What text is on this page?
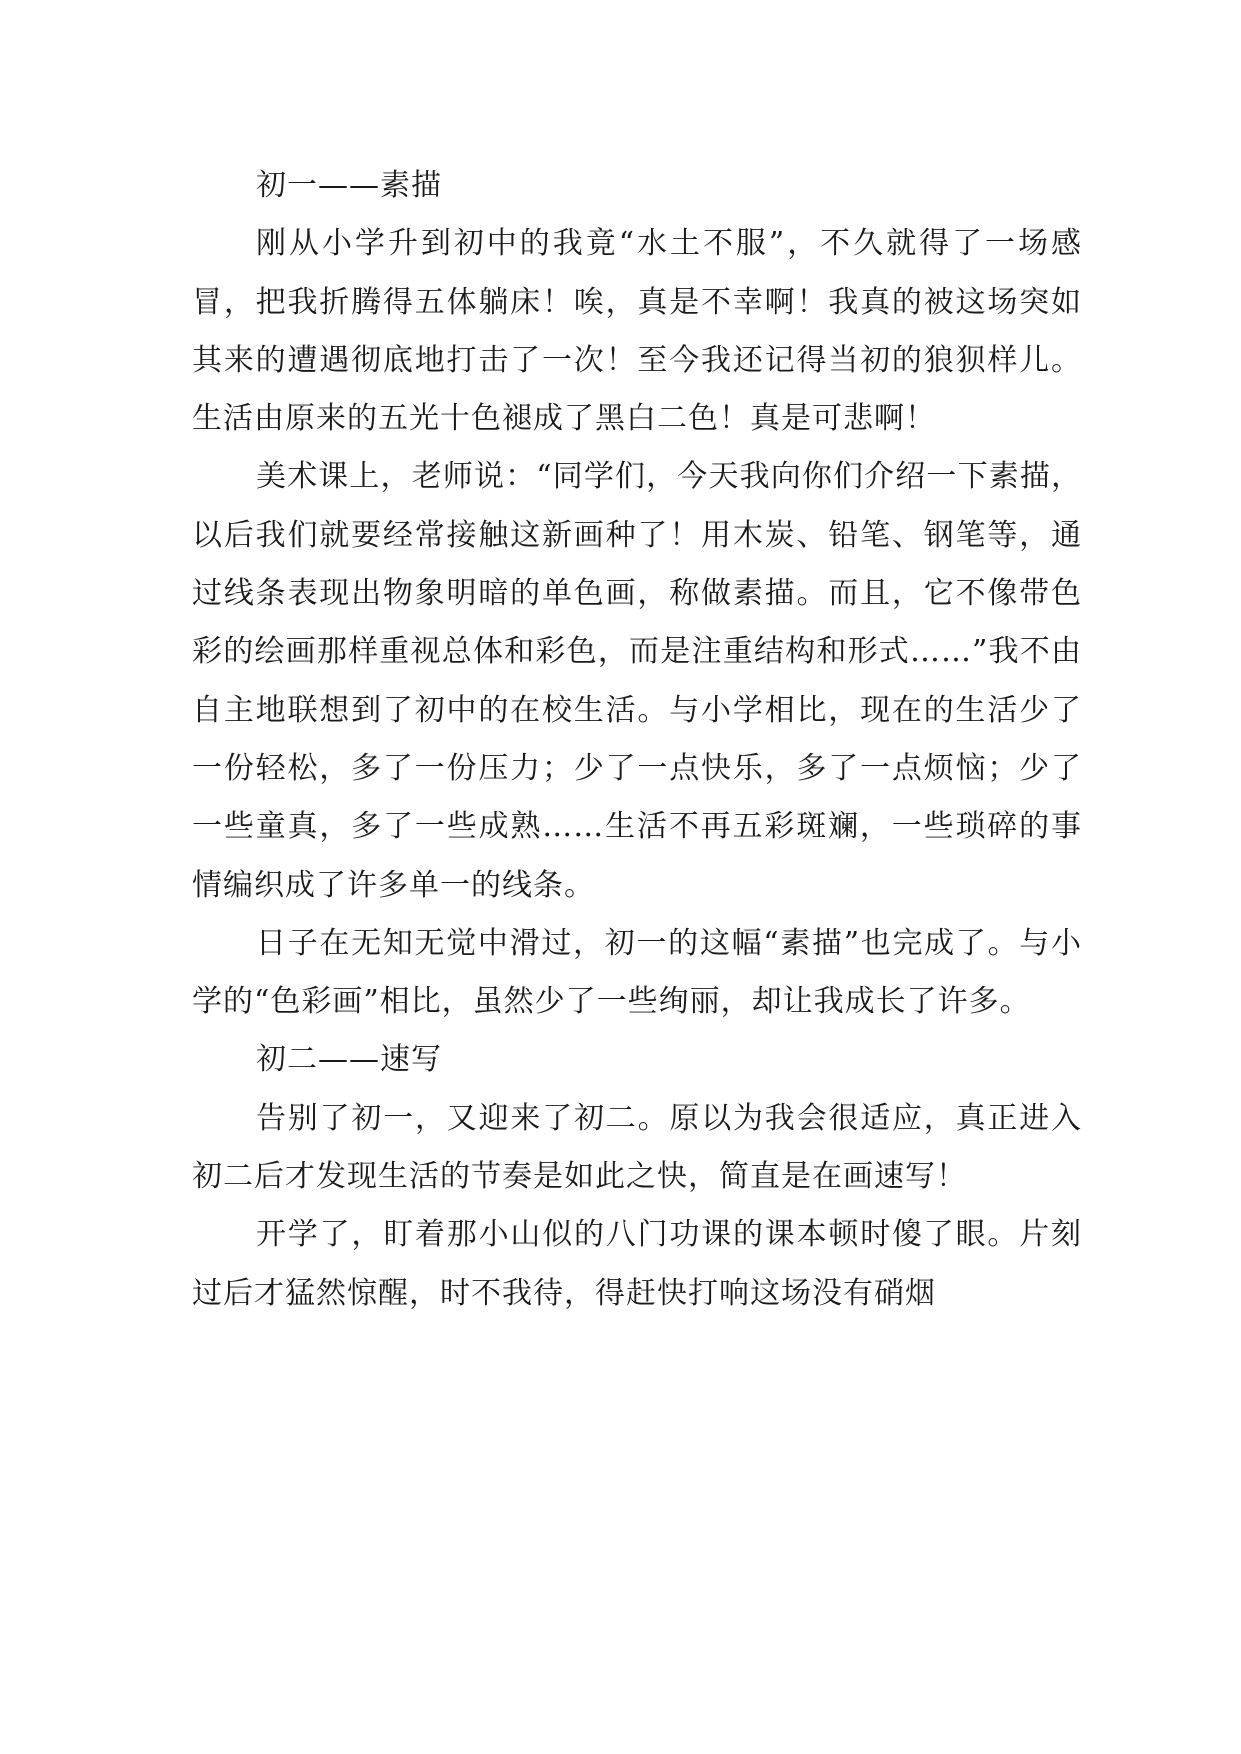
初一——素描

刚从小学升到初中的我竟“水土不服”，不久就得了一场感冒，把我折腾得五体躺床！唉，真是不幸啊！我真的被这场突如其来的遭遇彻底地打击了一次！至今我还记得当初的狼狈样儿。生活由原来的五光十色褪成了黑白二色！真是可悲啊！

美术课上，老师说：“同学们，今天我向你们介绍一下素描，以后我们就要经常接触这新画种了！用木炭、铅笔、钢笔等，通过线条表现出物象明暗的单色画，称做素描。而且，它不像带色彩的绘画那样重视总体和彩色，而是注重结构和形式……”我不由自主地联想到了初中的在校生活。与小学相比，现在的生活少了一份轻松，多了一份压力；少了一点快乐，多了一点烦恼；少了一些童真，多了一些成熟……生活不再五彩斑斓，一些琐碎的事情编织成了许多单一的线条。

日子在无知无觉中滑过，初一的这幅“素描”也完成了。与小学的“色彩画”相比，虽然少了一些绚丽，却让我成长了许多。

初二——速写

告别了初一，又迎来了初二。原以为我会很适应，真正进入初二后才发现生活的节奏是如此之快，简直是在画速写！

开学了，盯着那小山似的八门功课的课本顿时傻了眼。片刻过后才猛然惊醒，时不我待，得赶快打响这场没有硝烟
